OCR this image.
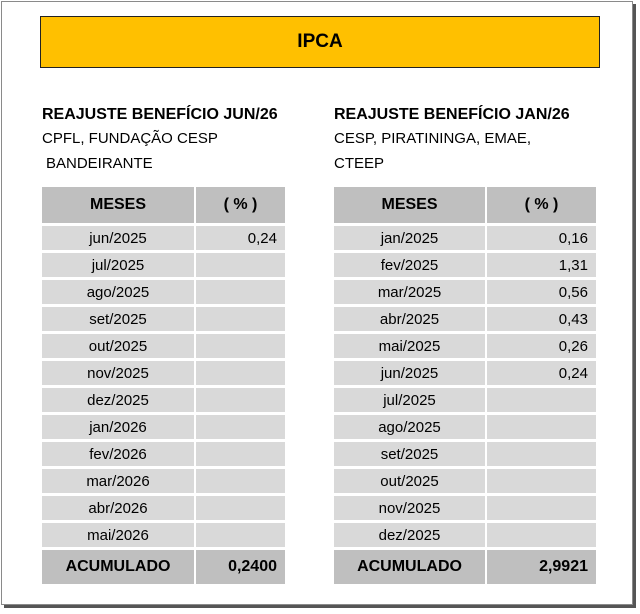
IPCA
REAJUSTE BENEFÍCIO JUN/26
CPFL, FUNDAÇÃO CESP
BANDEIRANTE
REAJUSTE BENEFÍCIO JAN/26
CESP, PIRATININGA, EMAE,
CTEEP
MESES	( % )
jun/2025	0,24
jul/2025	
ago/2025	
set/2025	
out/2025	
nov/2025	
dez/2025	
jan/2026	
fev/2026	
mar/2026	
abr/2026	
mai/2026	
ACUMULADO	0,2400
MESES	( % )
jan/2025	0,16
fev/2025	1,31
mar/2025	0,56
abr/2025	0,43
mai/2025	0,26
jun/2025	0,24
jul/2025	
ago/2025	
set/2025	
out/2025	
nov/2025	
dez/2025	
ACUMULADO	2,9921
